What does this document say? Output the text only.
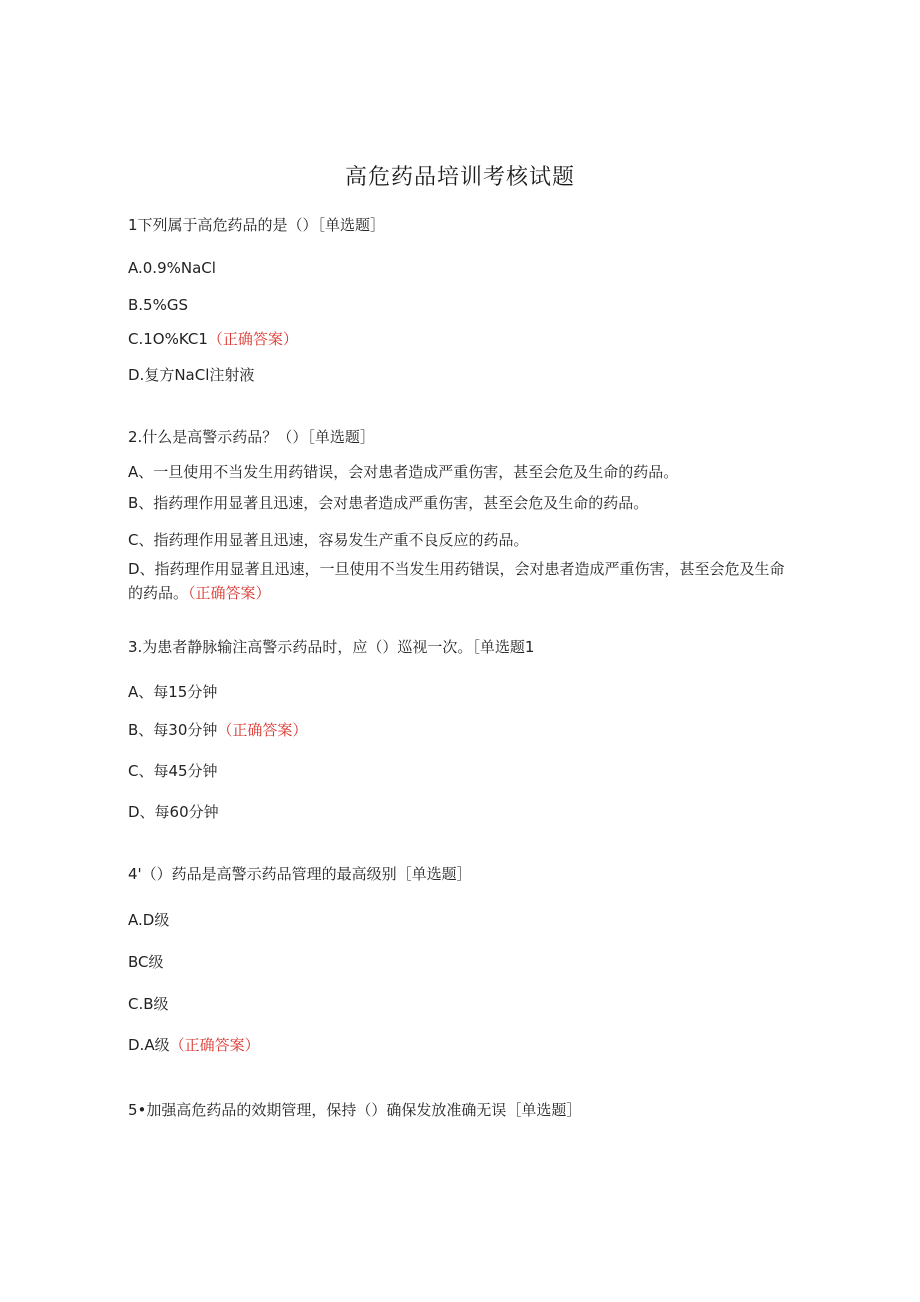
高危药品培训考核试题
1下列属于高危药品的是（）［单选题］
A.0.9%NaCl
B.5%GS
C.1O%KC1（正确答案）
D.复方NaCl注射液
2.什么是高警示药品？（）［单选题］
A、一旦使用不当发生用药错误，会对患者造成严重伤害，甚至会危及生命的药品。
B、指药理作用显著且迅速，会对患者造成严重伤害，甚至会危及生命的药品。
C、指药理作用显著且迅速，容易发生产重不良反应的药品。
D、指药理作用显著且迅速，一旦使用不当发生用药错误，会对患者造成严重伤害，甚至会危及生命的药品。（正确答案）
3.为患者静脉输注高警示药品时，应（）巡视一次。［单选题1
A、每15分钟
B、每30分钟（正确答案）
C、每45分钟
D、每60分钟
4'（）药品是高警示药品管理的最高级别［单选题］
A.D级
BC级
C.B级
D.A级（正确答案）
5•加强高危药品的效期管理，保持（）确保发放准确无误［单选题］
